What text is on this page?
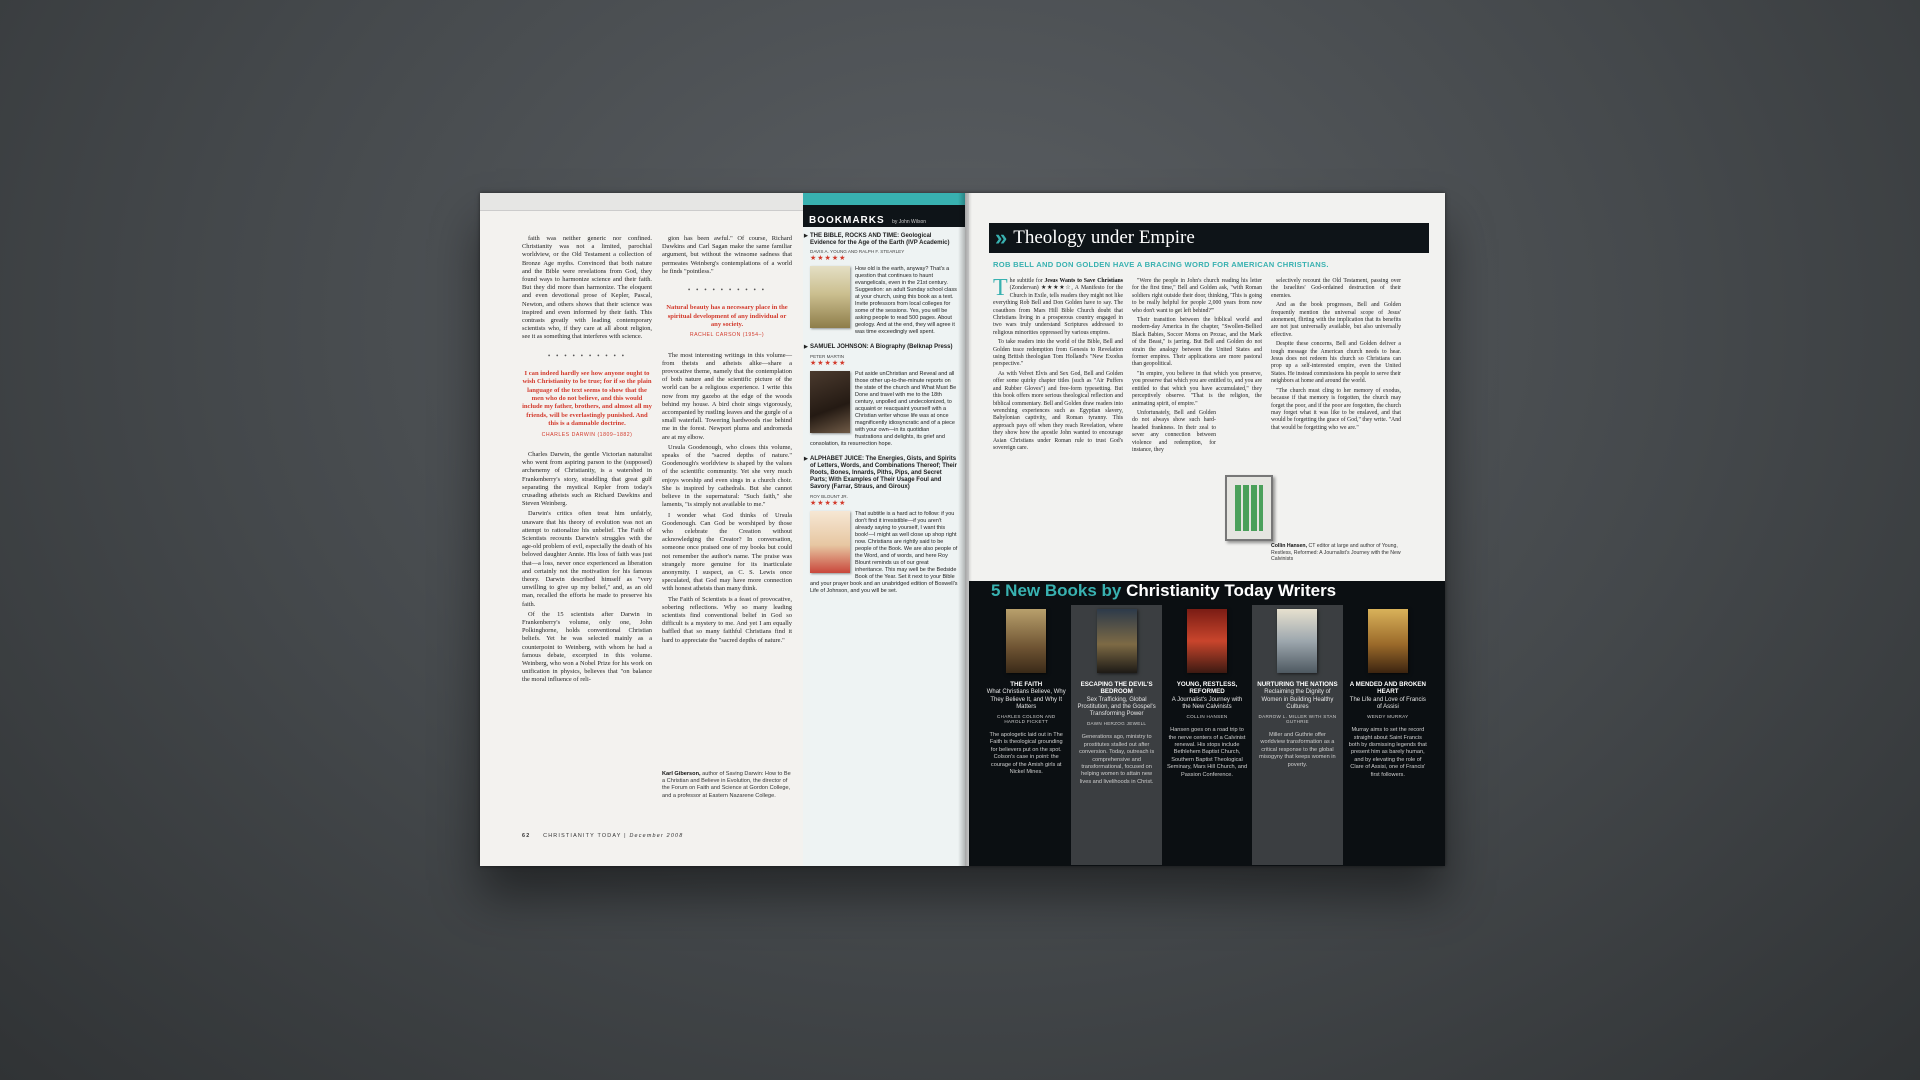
faith was neither generic nor confined. Christianity was not a limited, parochial worldview, or the Old Testament a collection of Bronze Age myths. Convinced that both nature and the Bible were revelations from God, they found ways to harmonize science and their faith. But they did more than harmonize. The eloquent and even devotional prose of Kepler, Pascal, Newton, and others shows that their science was inspired and even informed by their faith. This contrasts greatly with leading contemporary scientists who, if they care at all about religion, see it as something that interferes with science.

• • • • • • • • • •
I can indeed hardly see how anyone ought to wish Christianity to be true; for if so the plain language of the text seems to show that the men who do not believe, and this would include my father, brothers, and almost all my friends, will be everlastingly punished. And this is a damnable doctrine.
CHARLES DARWIN (1809–1882)

Charles Darwin, the gentle Victorian naturalist who went from aspiring parson to the (supposed) archenemy of Christianity, is a watershed in Frankenberry's story, straddling that great gulf separating the mystical Kepler from today's crusading atheists such as Richard Dawkins and Steven Weinberg.

Darwin's critics often treat him unfairly, unaware that his theory of evolution was not an attempt to rationalize his unbelief. The Faith of Scientists recounts Darwin's struggles with the age-old problem of evil, especially the death of his beloved daughter Annie. His loss of faith was just that—a loss, never once experienced as liberation and certainly not the motivation for his famous theory. Darwin described himself as "very unwilling to give up my belief," and, as an old man, recalled the efforts he made to preserve his faith.

Of the 15 scientists after Darwin in Frankenberry's volume, only one, John Polkinghorne, holds conventional Christian beliefs. Yet he was selected mainly as a counterpoint to Weinberg, with whom he had a famous debate, excerpted in this volume. Weinberg, who won a Nobel Prize for his work on unification in physics, believes that "on balance the moral influence of reli-

gion has been awful." Of course, Richard Dawkins and Carl Sagan make the same familiar argument, but without the winsome sadness that permeates Weinberg's contemplations of a world he finds "pointless."

• • • • • • • • • •
Natural beauty has a necessary place in the spiritual development of any individual or any society.
RACHEL CARSON (1954–)

The most interesting writings in this volume—from theists and atheists alike—share a provocative theme, namely that the contemplation of both nature and the scientific picture of the world can be a religious experience. I write this now from my gazebo at the edge of the woods behind my house. A bird choir sings vigorously, accompanied by rustling leaves and the gurgle of a small waterfall. Towering hardwoods rise behind me in the forest. Newport plums and andromeda are at my elbow.

Ursula Goodenough, who closes this volume, speaks of the "sacred depths of nature." Goodenough's worldview is shaped by the values of the scientific community. Yet she very much enjoys worship and even sings in a church choir. She is inspired by cathedrals. But she cannot believe in the supernatural: "Such faith," she laments, "is simply not available to me."

I wonder what God thinks of Ursula Goodenough. Can God be worshiped by those who celebrate the Creation without acknowledging the Creator? In conversation, someone once praised one of my books but could not remember the author's name. The praise was strangely more genuine for its inarticulate anonymity. I suspect, as C. S. Lewis once speculated, that God may have more connection with honest atheists than many think.

The Faith of Scientists is a feast of provocative, sobering reflections. Why so many leading scientists find conventional belief in God so difficult is a mystery to me. And yet I am equally baffled that so many faithful Christians find it hard to appreciate the "sacred depths of nature."

Karl Giberson, author of Saving Darwin: How to Be a Christian and Believe in Evolution, the director of the Forum on Faith and Science at Gordon College, and a professor at Eastern Nazarene College.
62 CHRISTIANITY TODAY | December 2008
BOOKMARKS by John Wilson
▶ THE BIBLE, ROCKS AND TIME: Geological Evidence for the Age of the Earth (IVP Academic)
DAVIS A. YOUNG AND RALPH F. STEARLEY
★★★★★
How old is the earth, anyway? That's a question that continues to haunt evangelicals, even in the 21st century. Suggestion: an adult Sunday school class at your church, using this book as a text. Invite professors from local colleges for some of the sessions. Yes, you will be asking people to read 500 pages. About geology. And at the end, they will agree it was time exceedingly well spent.
▶ SAMUEL JOHNSON: A Biography (Belknap Press)
PETER MARTIN
★★★★★
Put aside unChristian and Reveal and all those other up-to-the-minute reports on the state of the church and What Must Be Done and travel with me to the 18th century, unpolled and undecolonized, to acquaint or reacquaint yourself with a Christian writer whose life was at once magnificently idiosyncratic and of a piece with your own—in its quotidian frustrations and delights, its grief and consolation, its resurrection hope.
▶ ALPHABET JUICE: The Energies, Gists, and Spirits of Letters, Words, and Combinations Thereof; Their Roots, Bones, Innards, Piths, Pips, and Secret Parts; With Examples of Their Usage Foul and Savory (Farrar, Straus, and Giroux)
ROY BLOUNT JR.
★★★★★
That subtitle is a hard act to follow: if you don't find it irresistible—if you aren't already saying to yourself, I want this book!—I might as well close up shop right now. Christians are rightly said to be people of the Book. We are also people of the Word, and of words, and here Roy Blount reminds us of our great inheritance. This may well be the Bedside Book of the Year. Set it next to your Bible and your prayer book and an unabridged edition of Boswell's Life of Johnson, and you will be set.
» Theology under Empire
ROB BELL AND DON GOLDEN HAVE A BRACING WORD FOR AMERICAN CHRISTIANS.

The subtitle for Jesus Wants to Save Christians (Zondervan) ★★★★☆, A Manifesto for the Church in Exile, tells readers they might not like everything Rob Bell and Don Golden have to say. The coauthors from Mars Hill Bible Church doubt that Christians living in a prosperous country engaged in two wars truly understand Scriptures addressed to religious minorities oppressed by various empires.

To take readers into the world of the Bible, Bell and Golden trace redemption from Genesis to Revelation using British theologian Tom Holland's "New Exodus perspective."

As with Velvet Elvis and Sex God, Bell and Golden offer some quirky chapter titles (such as "Air Puffers and Rubber Gloves") and free-form typesetting. But this book offers more serious theological reflection and biblical commentary. Bell and Golden draw readers into wrenching experiences such as Egyptian slavery, Babylonian captivity, and Roman tyranny. This approach pays off when they reach Revelation, where they show how the apostle John wanted to encourage Asian Christians under Roman rule to trust God's sovereign care.

"Were the people in John's church reading his letter for the first time," Bell and Golden ask, "with Roman soldiers right outside their door, thinking, 'This is going to be really helpful for people 2,000 years from now who don't want to get left behind?'"

Their transition between the biblical world and modern-day America in the chapter, "Swollen-Bellied Black Babies, Soccer Moms on Prozac, and the Mark of the Beast," is jarring. But Bell and Golden do not strain the analogy between the United States and former empires. Their applications are more pastoral than geopolitical.

"In empire, you believe in that which you preserve, you preserve that which you are entitled to, and you are entitled to that which you have accumulated," they perceptively observe. "That is the religion, the animating spirit, of empire."

Unfortunately, Bell and Golden do not always show such hard-headed frankness. In their zeal to sever any connection between violence and redemption, for instance, they

selectively recount the Old Testament, passing over the Israelites' God-ordained destruction of their enemies.

And as the book progresses, Bell and Golden frequently mention the universal scope of Jesus' atonement, flirting with the implication that its benefits are not just universally available, but also universally effective.

Despite these concerns, Bell and Golden deliver a tough message the American church needs to hear. Jesus does not redeem his church so Christians can prop up a self-interested empire, even the United States. He instead commissions his people to serve their neighbors at home and around the world.

"The church must cling to her memory of exodus, because if that memory is forgotten, the church may forget the poor, and if the poor are forgotten, the church may forget what it was like to be enslaved, and that would be forgetting the grace of God," they write. "And that would be forgetting who we are."

Collin Hansen, CT editor at large and author of Young, Restless, Reformed: A Journalist's Journey with the New Calvinists
5 New Books by Christianity Today Writers
THE FAITH
What Christians Believe, Why They Believe It, and Why It Matters
CHARLES COLSON AND HAROLD FICKETT
The apologetic laid out in The Faith is theological grounding for believers put on the spot. Colson's case in point: the courage of the Amish girls at Nickel Mines.
ESCAPING THE DEVIL'S BEDROOM
Sex Trafficking, Global Prostitution, and the Gospel's Transforming Power
DAWN HERZOG JEWELL
Generations ago, ministry to prostitutes stalled out after conversion. Today, outreach is comprehensive and transformational, focused on helping women to attain new lives and livelihoods in Christ.
YOUNG, RESTLESS, REFORMED
A Journalist's Journey with the New Calvinists
COLLIN HANSEN
Hansen goes on a road trip to the nerve centers of a Calvinist renewal. His stops include Bethlehem Baptist Church, Southern Baptist Theological Seminary, Mars Hill Church, and Passion Conference.
NURTURING THE NATIONS
Reclaiming the Dignity of Women in Building Healthy Cultures
DARROW L. MILLER WITH STAN GUTHRIE
Miller and Guthrie offer worldview transformation as a critical response to the global misogyny that keeps women in poverty.
A MENDED AND BROKEN HEART
The Life and Love of Francis of Assisi
WENDY MURRAY
Murray aims to set the record straight about Saint Francis both by dismissing legends that present him as barely human, and by elevating the role of Clare of Assisi, one of Francis' first followers.
